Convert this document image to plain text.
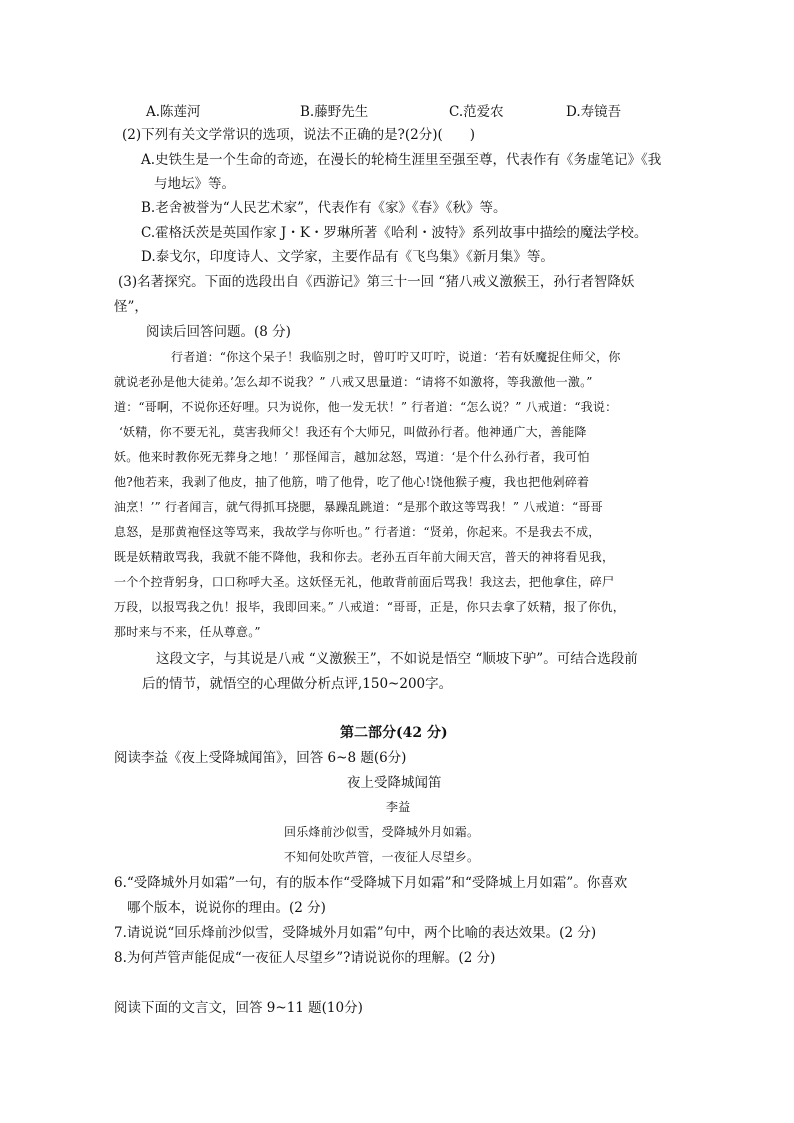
A.陈莲河	B.藤野先生	C.范爱农	D.寿镜吾
(2)下列有关文学常识的选项，说法不正确的是?(2分)(　　)
A.史铁生是一个生命的奇迹，在漫长的轮椅生涯里至强至尊，代表作有《务虚笔记》《我
与地坛》等。
B.老舍被誉为“人民艺术家”，代表作有《家》《春》《秋》等。
C.霍格沃茨是英国作家 J・K・罗琳所著《哈利・波特》系列故事中描绘的魔法学校。
D.泰戈尔，印度诗人、文学家，主要作品有《飞鸟集》《新月集》等。
(3)名著探究。下面的选段出自《西游记》第三十一回 “猪八戒义激猴王，孙行者智降妖
怪”，
阅读后回答问题。(8 分)
行者道：“你这个呆子！我临别之时，曾叮咛又叮咛，说道：‘若有妖魔捉住师父，你
就说老孙是他大徒弟。’怎么却不说我？” 八戒又思量道：“请将不如激将，等我激他一激。”
道：“哥啊，不说你还好哩。只为说你，他一发无状！” 行者道：“怎么说？” 八戒道：“我说：
‘妖精，你不要无礼，莫害我师父！我还有个大师兄，叫做孙行者。他神通广大，善能降
妖。他来时教你死无葬身之地！’ 那怪闻言，越加忿怒，骂道：‘是个什么孙行者，我可怕
他?他若来，我剥了他皮，抽了他筋，啃了他骨，吃了他心!饶他猴子瘦，我也把他剁碎着
油烹！’” 行者闻言，就气得抓耳挠腮，暴躁乱跳道：“是那个敢这等骂我！” 八戒道：“哥哥
息怒，是那黄袍怪这等骂来，我故学与你听也。” 行者道：“贤弟，你起来。不是我去不成，
既是妖精敢骂我，我就不能不降他，我和你去。老孙五百年前大闹天宫，普天的神将看见我，
一个个控背躬身，口口称呼大圣。这妖怪无礼，他敢背前面后骂我！我这去，把他拿住，碎尸
万段，以报骂我之仇！报毕，我即回来。” 八戒道：“哥哥，正是，你只去拿了妖精，报了你仇，
那时来与不来，任从尊意。”
这段文字，与其说是八戒 “义激猴王”，不如说是悟空 “顺坡下驴”。可结合选段前
后的情节，就悟空的心理做分析点评,150~200字。
第二部分(42 分)
阅读李益《夜上受降城闻笛》，回答 6~8 题(6分)
夜上受降城闻笛
李益
回乐烽前沙似雪，受降城外月如霜。
不知何处吹芦管，一夜征人尽望乡。
6.“受降城外月如霜”一句，有的版本作“受降城下月如霜”和“受降城上月如霜”。你喜欢
哪个版本，说说你的理由。(2 分)
7.请说说“回乐烽前沙似雪，受降城外月如霜”句中，两个比喻的表达效果。(2 分)
8.为何芦管声能促成“一夜征人尽望乡”?请说说你的理解。(2 分)
阅读下面的文言文，回答 9~11 题(10分)
